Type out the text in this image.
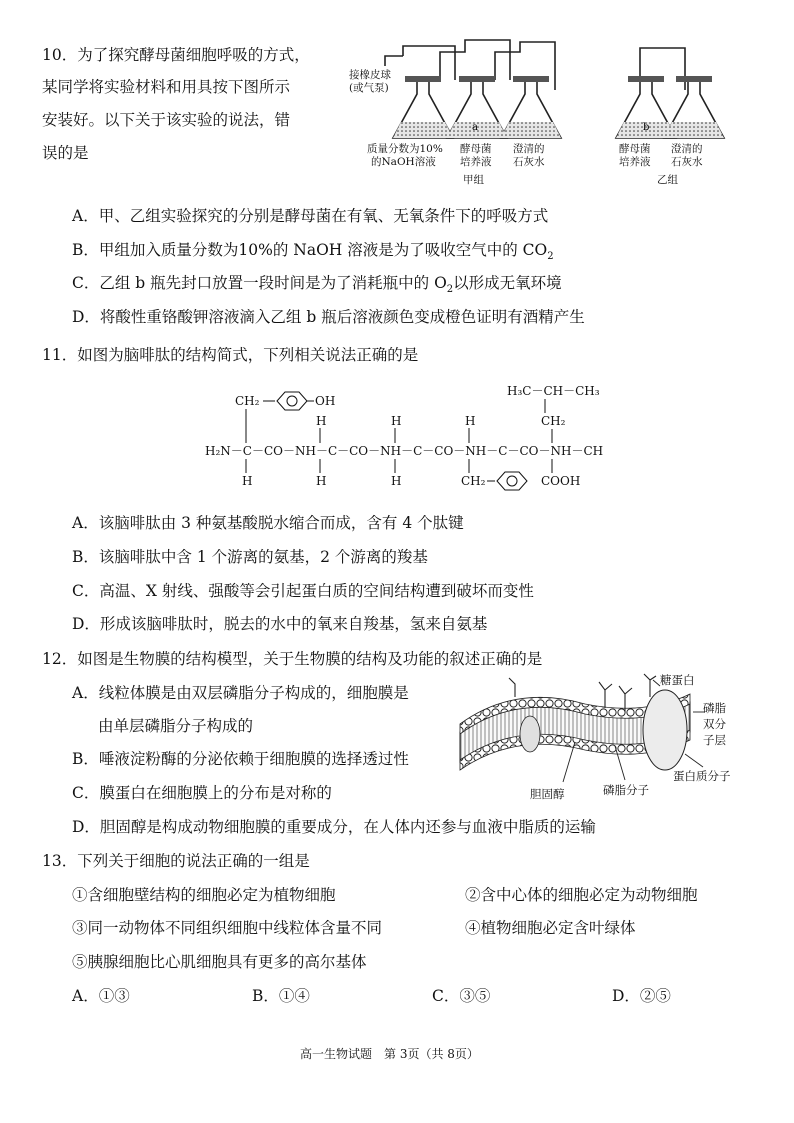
10．为了探究酵母菌细胞呼吸的方式，
某同学将实验材料和用具按下图所示
安装好。以下关于该实验的说法，错
误的是
a	b
接橡皮球
(或气泵)
质量分数为10%
的NaOH溶液
酵母菌
培养液
澄清的
石灰水
酵母菌
培养液
澄清的
石灰水
甲组	乙组
A．甲、乙组实验探究的分别是酵母菌在有氧、无氧条件下的呼吸方式
B．甲组加入质量分数为10%的 NaOH 溶液是为了吸收空气中的 $CO_2$
C．乙组 b 瓶先封口放置一段时间是为了消耗瓶中的 $O_2$以形成无氧环境
D．将酸性重铬酸钾溶液滴入乙组 b 瓶后溶液颜色变成橙色证明有酒精产生
11．如图为脑啡肽的结构简式，下列相关说法正确的是
CH₂	OH
H₃C－CH－CH₃
CH₂
H	H	H
H₂N－C－CO－NH－C－CO－NH－C－CO－NH－C－CO－NH－CH
H	H	H	CH₂	COOH
A．该脑啡肽由 3 种氨基酸脱水缩合而成，含有 4 个肽键
B．该脑啡肽中含 1 个游离的氨基，2 个游离的羧基
C．高温、X 射线、强酸等会引起蛋白质的空间结构遭到破坏而变性
D．形成该脑啡肽时，脱去的水中的氧来自羧基，氢来自氨基
12．如图是生物膜的结构模型，关于生物膜的结构及功能的叙述正确的是
A．线粒体膜是由双层磷脂分子构成的，细胞膜是
由单层磷脂分子构成的
B．唾液淀粉酶的分泌依赖于细胞膜的选择透过性
C．膜蛋白在细胞膜上的分布是对称的
D．胆固醇是构成动物细胞膜的重要成分，在人体内还参与血液中脂质的运输
糖蛋白
磷脂
双分
子层
蛋白质分子
胆固醇	磷脂分子
13．下列关于细胞的说法正确的一组是
①含细胞壁结构的细胞必定为植物细胞	②含中心体的细胞必定为动物细胞
③同一动物体不同组织细胞中线粒体含量不同	④植物细胞必定含叶绿体
⑤胰腺细胞比心肌细胞具有更多的高尔基体
A．①③	B．①④	C．③⑤	D．②⑤
高一生物试题　第 3页（共 8页）
